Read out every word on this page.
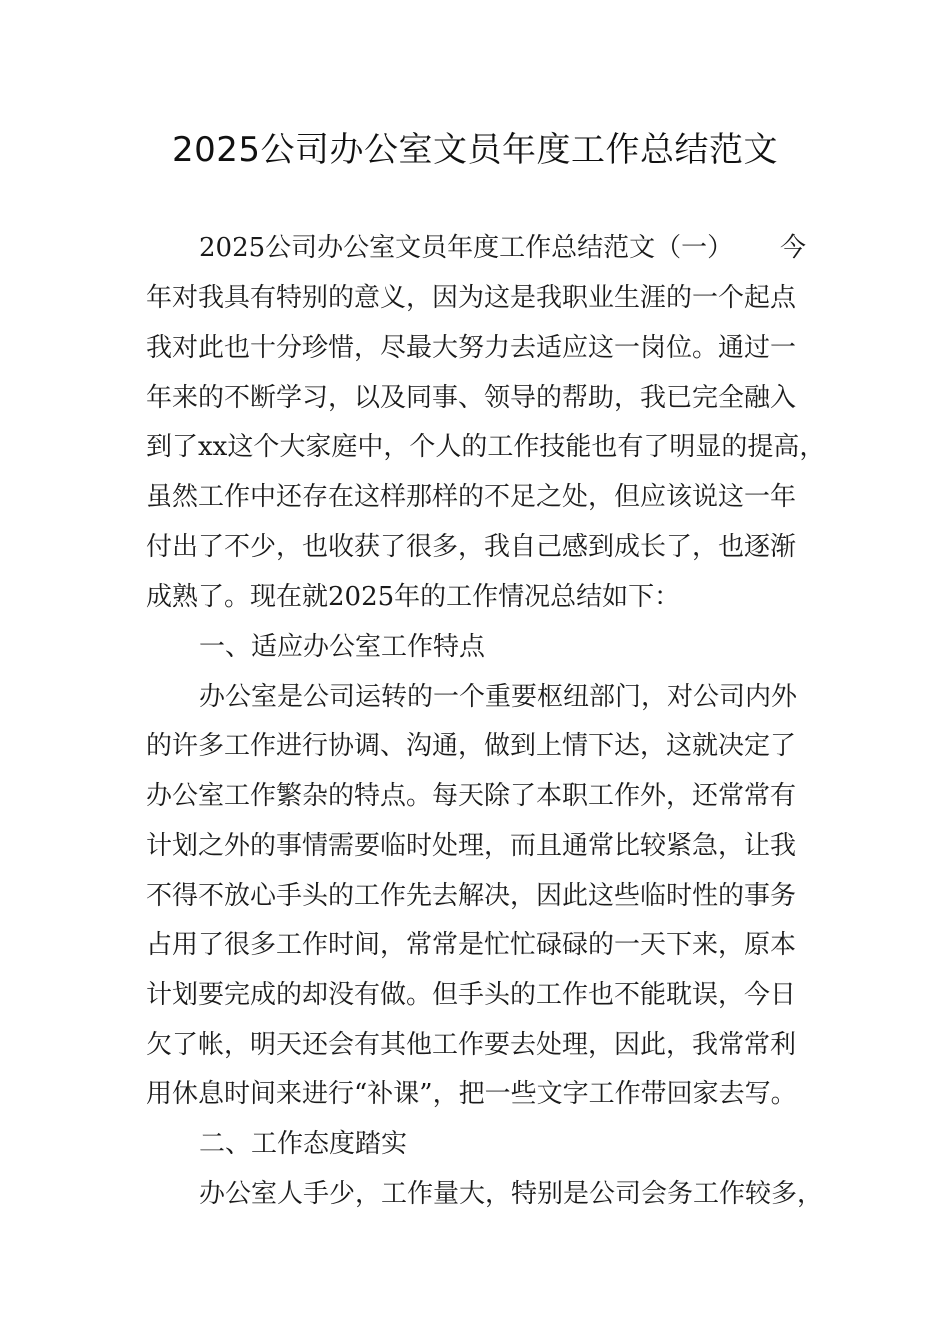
2025公司办公室文员年度工作总结范文
2025公司办公室文员年度工作总结范文（一） 今
年对我具有特别的意义，因为这是我职业生涯的一个起点
我对此也十分珍惜，尽最大努力去适应这一岗位。通过一
年来的不断学习，以及同事、领导的帮助，我已完全融入
到了xx这个大家庭中，个人的工作技能也有了明显的提高，
虽然工作中还存在这样那样的不足之处，但应该说这一年
付出了不少，也收获了很多，我自己感到成长了，也逐渐
成熟了。现在就2025年的工作情况总结如下：
一、适应办公室工作特点
办公室是公司运转的一个重要枢纽部门，对公司内外
的许多工作进行协调、沟通，做到上情下达，这就决定了
办公室工作繁杂的特点。每天除了本职工作外，还常常有
计划之外的事情需要临时处理，而且通常比较紧急，让我
不得不放心手头的工作先去解决，因此这些临时性的事务
占用了很多工作时间，常常是忙忙碌碌的一天下来，原本
计划要完成的却没有做。但手头的工作也不能耽误，今日
欠了帐，明天还会有其他工作要去处理，因此，我常常利
用休息时间来进行“补课”，把一些文字工作带回家去写。
二、工作态度踏实
办公室人手少，工作量大，特别是公司会务工作较多，
